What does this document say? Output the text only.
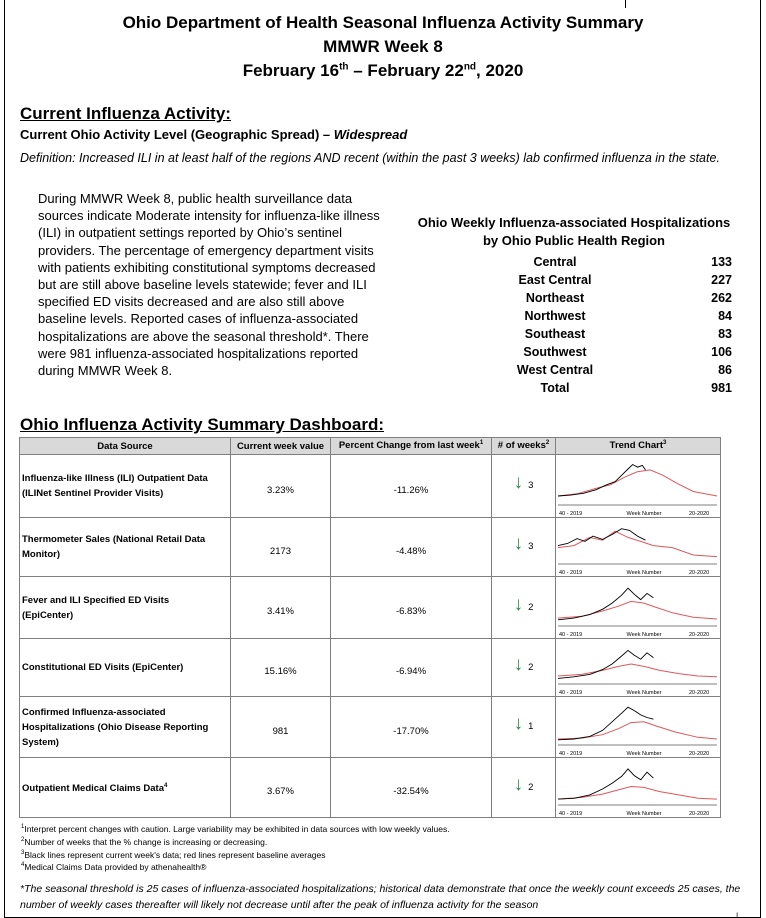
Ohio Department of Health Seasonal Influenza Activity Summary
MMWR Week 8
February 16th – February 22nd, 2020
Current Influenza Activity:
Current Ohio Activity Level (Geographic Spread) – Widespread
Definition: Increased ILI in at least half of the regions AND recent (within the past 3 weeks) lab confirmed influenza in the state.
During MMWR Week 8, public health surveillance data sources indicate Moderate intensity for influenza-like illness (ILI) in outpatient settings reported by Ohio’s sentinel providers. The percentage of emergency department visits with patients exhibiting constitutional symptoms decreased but are still above baseline levels statewide; fever and ILI specified ED visits decreased and are also still above baseline levels. Reported cases of influenza-associated hospitalizations are above the seasonal threshold*. There were 981 influenza-associated hospitalizations reported during MMWR Week 8.
Ohio Weekly Influenza-associated Hospitalizations
by Ohio Public Health Region
Central	133
East Central	227
Northeast	262
Northwest	84
Southeast	83
Southwest	106
West Central	86
Total	981
Ohio Influenza Activity Summary Dashboard:
Data Source	Current week value	Percent Change from last week$^1$	# of weeks$^2$	Trend Chart$^3$
Influenza-like Illness (ILI) Outpatient Data
(ILINet Sentinel Provider Visits)	3.23%	-11.26%	↓ 3	40 - 2019 Week Number 20-2020

Thermometer Sales (National Retail Data
Monitor)	2173	-4.48%	↓ 3	40 - 2019 Week Number 20-2020

Fever and ILI Specified ED Visits
(EpiCenter)	3.41%	-6.83%	↓ 2	40 - 2019 Week Number 20-2020

Constitutional ED Visits (EpiCenter)	15.16%	-6.94%	↓ 2	40 - 2019 Week Number 20-2020

Confirmed Influenza-associated
Hospitalizations (Ohio Disease Reporting
System)	981	-17.70%	↓ 1	40 - 2019 Week Number 20-2020

Outpatient Medical Claims Data$^4$	3.67%	-32.54%	↓ 2	40 - 2019 Week Number 20-2020
$^1$Interpret percent changes with caution. Large variability may be exhibited in data sources with low weekly values.
$^2$Number of weeks that the % change is increasing or decreasing.
$^3$Black lines represent current week's data; red lines represent baseline averages
$^4$Medical Claims Data provided by athenahealth®
*The seasonal threshold is 25 cases of influenza-associated hospitalizations; historical data demonstrate that once the weekly count exceeds 25 cases, the number of weekly cases thereafter will likely not decrease until after the peak of influenza activity for the season
ı
